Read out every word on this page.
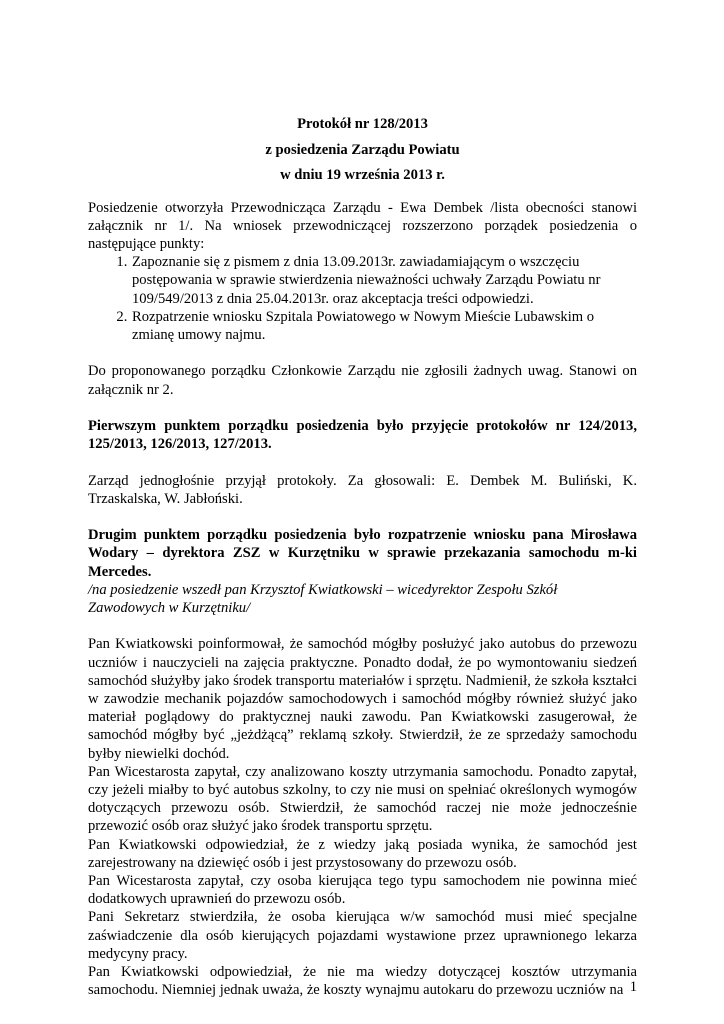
Protokół nr 128/2013

z posiedzenia Zarządu Powiatu

w dniu 19 września 2013 r.

Posiedzenie otworzyła Przewodnicząca Zarządu - Ewa Dembek /lista obecności stanowi załącznik nr 1/. Na wniosek przewodniczącej rozszerzono porządek posiedzenia o następujące punkty:

1. Zapoznanie się z pismem z dnia 13.09.2013r. zawiadamiającym o wszczęciu postępowania w sprawie stwierdzenia nieważności uchwały Zarządu Powiatu nr 109/549/2013 z dnia 25.04.2013r. oraz akceptacja treści odpowiedzi.
2. Rozpatrzenie wniosku Szpitala Powiatowego w Nowym Mieście Lubawskim o zmianę umowy najmu.

Do proponowanego porządku Członkowie Zarządu nie zgłosili żadnych uwag. Stanowi on załącznik nr 2.

Pierwszym punktem porządku posiedzenia było przyjęcie protokołów nr 124/2013, 125/2013, 126/2013, 127/2013.

Zarząd jednogłośnie przyjął protokoły. Za głosowali: E. Dembek M. Buliński, K. Trzaskalska, W. Jabłoński.

Drugim punktem porządku posiedzenia było rozpatrzenie wniosku pana Mirosława Wodary – dyrektora ZSZ w Kurzętniku w sprawie przekazania samochodu m-ki Mercedes.

/na posiedzenie wszedł pan Krzysztof Kwiatkowski – wicedyrektor Zespołu Szkół Zawodowych w Kurzętniku/

Pan Kwiatkowski poinformował, że samochód mógłby posłużyć jako autobus do przewozu uczniów i nauczycieli na zajęcia praktyczne. Ponadto dodał, że po wymontowaniu siedzeń samochód służyłby jako środek transportu materiałów i sprzętu. Nadmienił, że szkoła kształci w zawodzie mechanik pojazdów samochodowych i samochód mógłby również służyć jako materiał poglądowy do praktycznej nauki zawodu. Pan Kwiatkowski zasugerował, że samochód mógłby być „jeżdżącą” reklamą szkoły. Stwierdził, że ze sprzedaży samochodu byłby niewielki dochód.

Pan Wicestarosta zapytał, czy analizowano koszty utrzymania samochodu. Ponadto zapytał, czy jeżeli miałby to być autobus szkolny, to czy nie musi on spełniać określonych wymogów dotyczących przewozu osób. Stwierdził, że samochód raczej nie może jednocześnie przewozić osób oraz służyć jako środek transportu sprzętu.

Pan Kwiatkowski odpowiedział, że z wiedzy jaką posiada wynika, że samochód jest zarejestrowany na dziewięć osób i jest przystosowany do przewozu osób.

Pan Wicestarosta zapytał, czy osoba kierująca tego typu samochodem nie powinna mieć dodatkowych uprawnień do przewozu osób.

Pani Sekretarz stwierdziła, że osoba kierująca w/w samochód musi mieć specjalne zaświadczenie dla osób kierujących pojazdami wystawione przez uprawnionego lekarza medycyny pracy.

Pan Kwiatkowski odpowiedział, że nie ma wiedzy dotyczącej kosztów utrzymania samochodu. Niemniej jednak uważa, że koszty wynajmu autokaru do przewozu uczniów na 1
